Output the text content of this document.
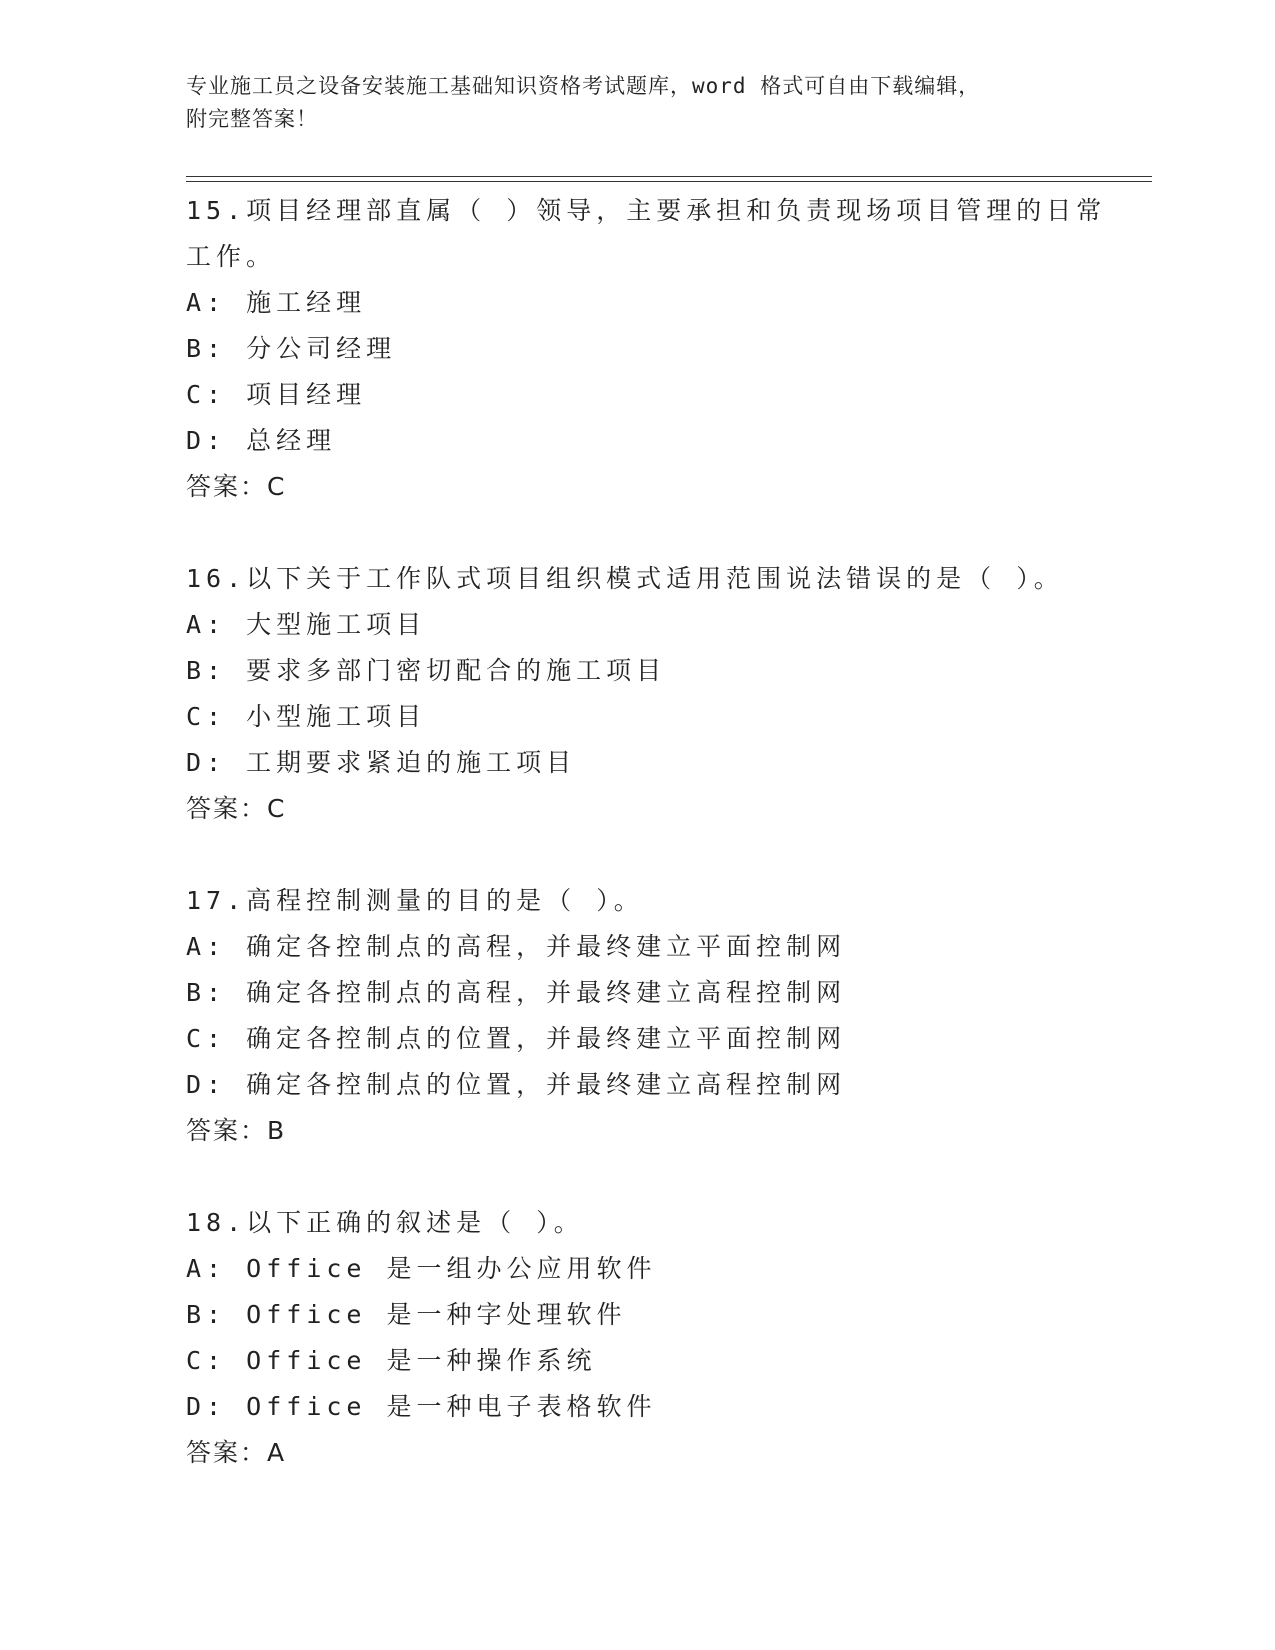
专业施工员之设备安装施工基础知识资格考试题库，word 格式可自由下载编辑，
附完整答案！
15.项目经理部直属（ ）领导，主要承担和负责现场项目管理的日常
工作。
A: 施工经理
B: 分公司经理
C: 项目经理
D: 总经理
答案：C
16.以下关于工作队式项目组织模式适用范围说法错误的是（ ）。
A: 大型施工项目
B: 要求多部门密切配合的施工项目
C: 小型施工项目
D: 工期要求紧迫的施工项目
答案：C
17.高程控制测量的目的是（ ）。
A: 确定各控制点的高程，并最终建立平面控制网
B: 确定各控制点的高程，并最终建立高程控制网
C: 确定各控制点的位置，并最终建立平面控制网
D: 确定各控制点的位置，并最终建立高程控制网
答案：B
18.以下正确的叙述是（ ）。
A: Office 是一组办公应用软件
B: Office 是一种字处理软件
C: Office 是一种操作系统
D: Office 是一种电子表格软件
答案：A
